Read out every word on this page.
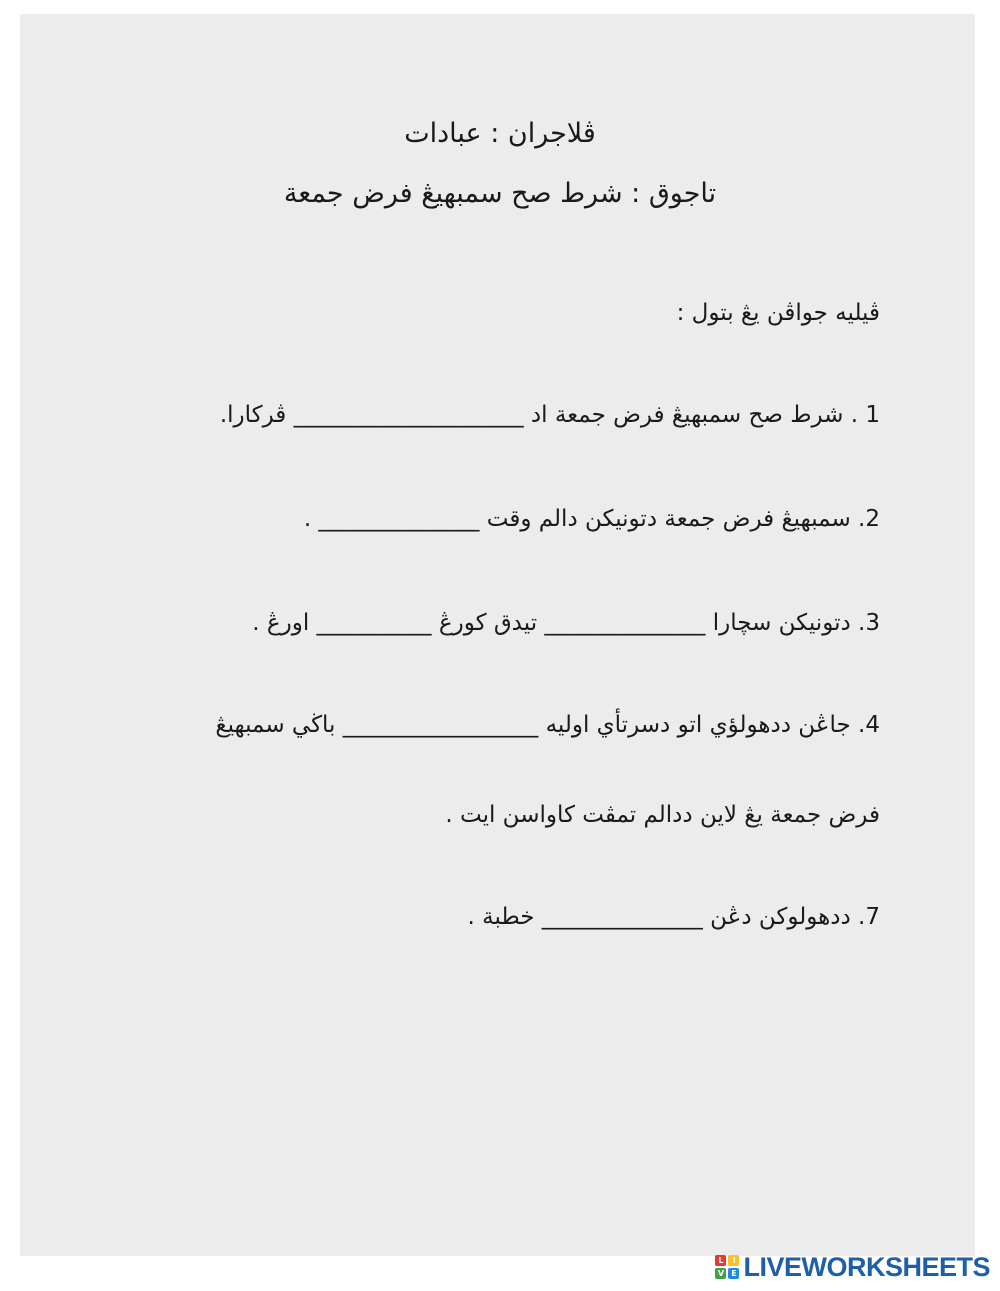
ڤلاجران : عبادات
تاجوق : شرط صح سمبهيڠ فرض جمعة
ڤيليه جواڤن يڠ بتول :
1 . شرط صح سمبهيڠ فرض جمعة اد ____________________ ڤركارا.
2. سمبهيڠ فرض جمعة دتونيكن دالم وقت ______________ .
3. دتونيكن سچارا ______________ تيدق كورڠ __________ اورڠ .
4. جاڠن ددهولؤي اتو دسرتأي اوليه _________________ باڬي سمبهيڠ
فرض جمعة يڠ لاين ددالم تمڤت كاواسن ايت .
7. ددهولوكن دڠن ______________ خطبة .
L	I
V E LIVEWORKSHEETS
